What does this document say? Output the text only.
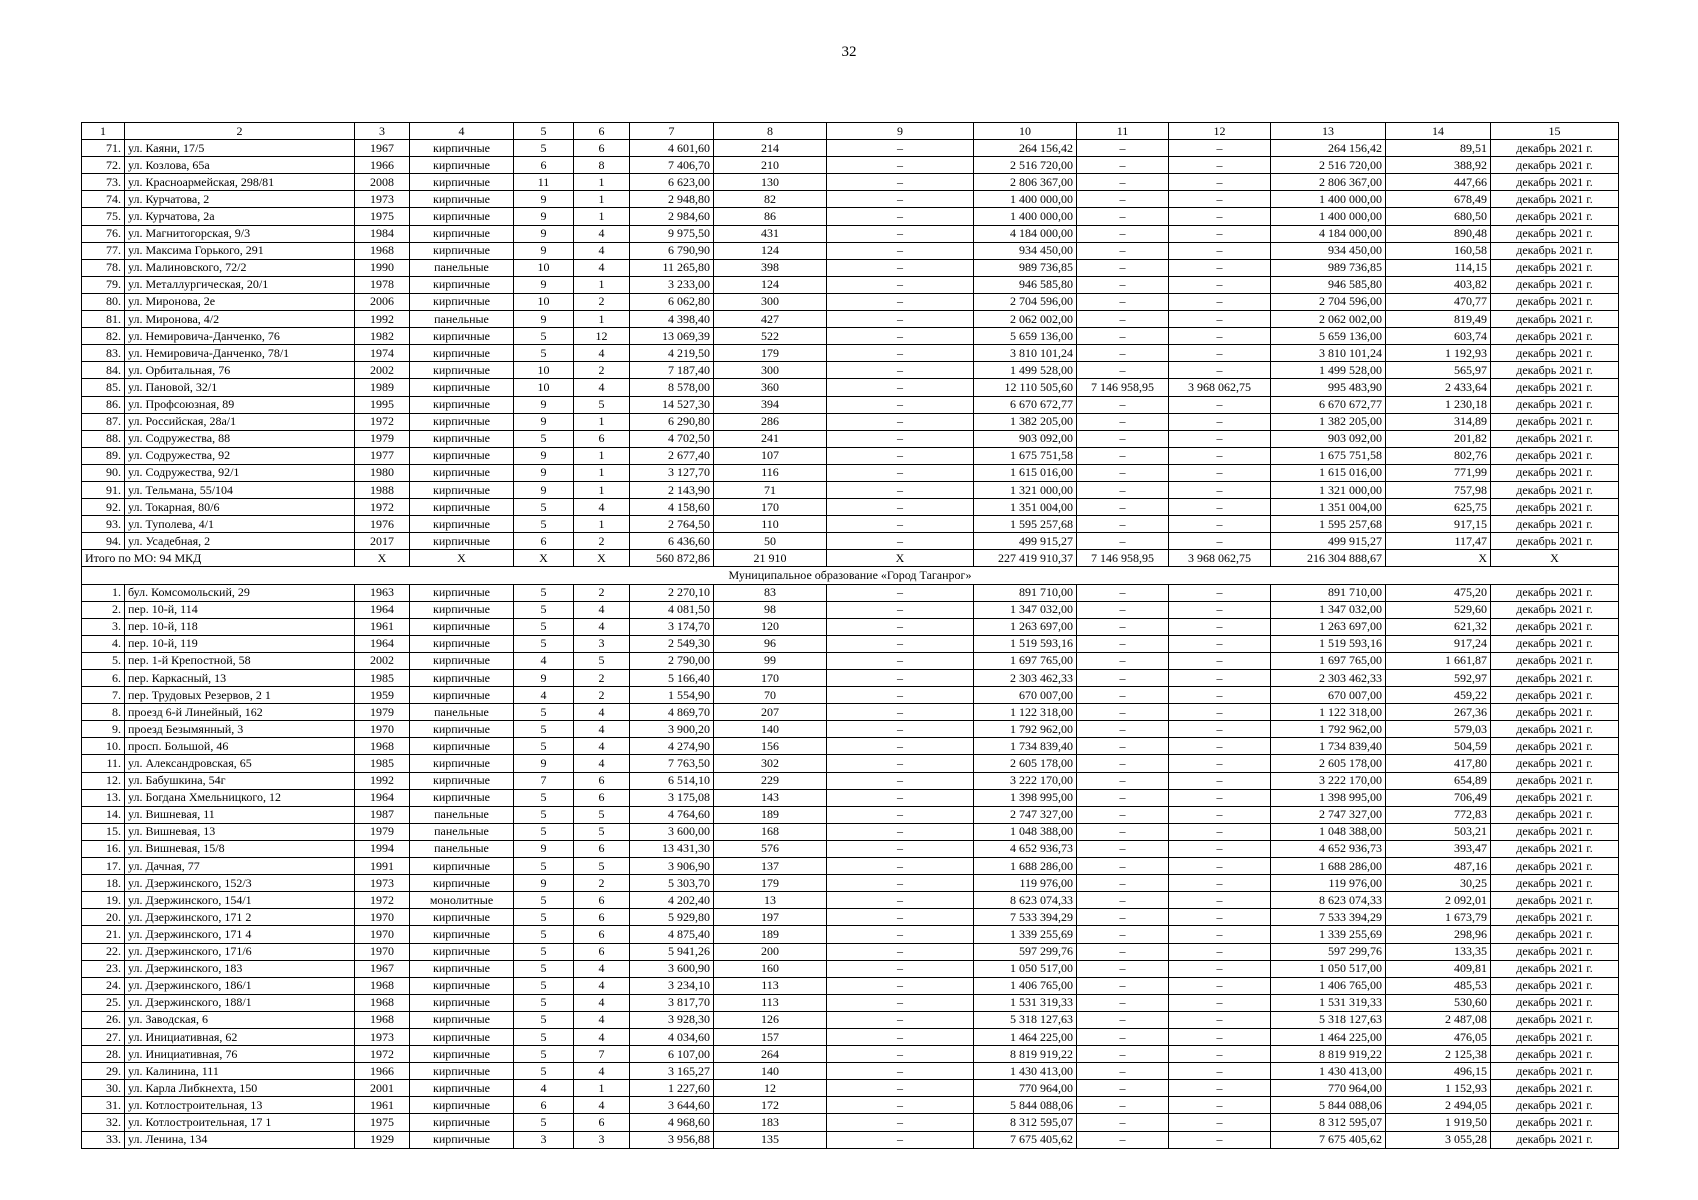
32
1	2	3	4	5	6	7	8	9	10	11	12	13	14	15
71.	ул. Каяни, 17/5	1967	кирпичные	5	6	4 601,60	214	–	264 156,42	–	–	264 156,42	89,51	декабрь 2021 г.
72.	ул. Козлова, 65а	1966	кирпичные	6	8	7 406,70	210	–	2 516 720,00	–	–	2 516 720,00	388,92	декабрь 2021 г.
73.	ул. Красноармейская, 298/81	2008	кирпичные	11	1	6 623,00	130	–	2 806 367,00	–	–	2 806 367,00	447,66	декабрь 2021 г.
74.	ул. Курчатова, 2	1973	кирпичные	9	1	2 948,80	82	–	1 400 000,00	–	–	1 400 000,00	678,49	декабрь 2021 г.
75.	ул. Курчатова, 2а	1975	кирпичные	9	1	2 984,60	86	–	1 400 000,00	–	–	1 400 000,00	680,50	декабрь 2021 г.
76.	ул. Магнитогорская, 9/3	1984	кирпичные	9	4	9 975,50	431	–	4 184 000,00	–	–	4 184 000,00	890,48	декабрь 2021 г.
77.	ул. Максима Горького, 291	1968	кирпичные	9	4	6 790,90	124	–	934 450,00	–	–	934 450,00	160,58	декабрь 2021 г.
78.	ул. Малиновского, 72/2	1990	панельные	10	4	11 265,80	398	–	989 736,85	–	–	989 736,85	114,15	декабрь 2021 г.
79.	ул. Металлургическая, 20/1	1978	кирпичные	9	1	3 233,00	124	–	946 585,80	–	–	946 585,80	403,82	декабрь 2021 г.
80.	ул. Миронова, 2е	2006	кирпичные	10	2	6 062,80	300	–	2 704 596,00	–	–	2 704 596,00	470,77	декабрь 2021 г.
81.	ул. Миронова, 4/2	1992	панельные	9	1	4 398,40	427	–	2 062 002,00	–	–	2 062 002,00	819,49	декабрь 2021 г.
82.	ул. Немировича-Данченко, 76	1982	кирпичные	5	12	13 069,39	522	–	5 659 136,00	–	–	5 659 136,00	603,74	декабрь 2021 г.
83.	ул. Немировича-Данченко, 78/1	1974	кирпичные	5	4	4 219,50	179	–	3 810 101,24	–	–	3 810 101,24	1 192,93	декабрь 2021 г.
84.	ул. Орбитальная, 76	2002	кирпичные	10	2	7 187,40	300	–	1 499 528,00	–	–	1 499 528,00	565,97	декабрь 2021 г.
85.	ул. Пановой, 32/1	1989	кирпичные	10	4	8 578,00	360	–	12 110 505,60	7 146 958,95	3 968 062,75	995 483,90	2 433,64	декабрь 2021 г.
86.	ул. Профсоюзная, 89	1995	кирпичные	9	5	14 527,30	394	–	6 670 672,77	–	–	6 670 672,77	1 230,18	декабрь 2021 г.
87.	ул. Российская, 28а/1	1972	кирпичные	9	1	6 290,80	286	–	1 382 205,00	–	–	1 382 205,00	314,89	декабрь 2021 г.
88.	ул. Содружества, 88	1979	кирпичные	5	6	4 702,50	241	–	903 092,00	–	–	903 092,00	201,82	декабрь 2021 г.
89.	ул. Содружества, 92	1977	кирпичные	9	1	2 677,40	107	–	1 675 751,58	–	–	1 675 751,58	802,76	декабрь 2021 г.
90.	ул. Содружества, 92/1	1980	кирпичные	9	1	3 127,70	116	–	1 615 016,00	–	–	1 615 016,00	771,99	декабрь 2021 г.
91.	ул. Тельмана, 55/104	1988	кирпичные	9	1	2 143,90	71	–	1 321 000,00	–	–	1 321 000,00	757,98	декабрь 2021 г.
92.	ул. Токарная, 80/6	1972	кирпичные	5	4	4 158,60	170	–	1 351 004,00	–	–	1 351 004,00	625,75	декабрь 2021 г.
93.	ул. Туполева, 4/1	1976	кирпичные	5	1	2 764,50	110	–	1 595 257,68	–	–	1 595 257,68	917,15	декабрь 2021 г.
94.	ул. Усадебная, 2	2017	кирпичные	6	2	6 436,60	50	–	499 915,27	–	–	499 915,27	117,47	декабрь 2021 г.
Итого по МО: 94 МКД		Х	Х	Х	Х	560 872,86	21 910	Х	227 419 910,37	7 146 958,95	3 968 062,75	216 304 888,67	Х	Х
Муниципальное образование «Город Таганрог»														
1.	бул. Комсомольский, 29	1963	кирпичные	5	2	2 270,10	83	–	891 710,00	–	–	891 710,00	475,20	декабрь 2021 г.
2.	пер. 10-й, 114	1964	кирпичные	5	4	4 081,50	98	–	1 347 032,00	–	–	1 347 032,00	529,60	декабрь 2021 г.
3.	пер. 10-й, 118	1961	кирпичные	5	4	3 174,70	120	–	1 263 697,00	–	–	1 263 697,00	621,32	декабрь 2021 г.
4.	пер. 10-й, 119	1964	кирпичные	5	3	2 549,30	96	–	1 519 593,16	–	–	1 519 593,16	917,24	декабрь 2021 г.
5.	пер. 1-й Крепостной, 58	2002	кирпичные	4	5	2 790,00	99	–	1 697 765,00	–	–	1 697 765,00	1 661,87	декабрь 2021 г.
6.	пер. Каркасный, 13	1985	кирпичные	9	2	5 166,40	170	–	2 303 462,33	–	–	2 303 462,33	592,97	декабрь 2021 г.
7.	пер. Трудовых Резервов, 2 1	1959	кирпичные	4	2	1 554,90	70	–	670 007,00	–	–	670 007,00	459,22	декабрь 2021 г.
8.	проезд 6-й Линейный, 162	1979	панельные	5	4	4 869,70	207	–	1 122 318,00	–	–	1 122 318,00	267,36	декабрь 2021 г.
9.	проезд Безымянный, 3	1970	кирпичные	5	4	3 900,20	140	–	1 792 962,00	–	–	1 792 962,00	579,03	декабрь 2021 г.
10.	просп. Большой, 46	1968	кирпичные	5	4	4 274,90	156	–	1 734 839,40	–	–	1 734 839,40	504,59	декабрь 2021 г.
11.	ул. Александровская, 65	1985	кирпичные	9	4	7 763,50	302	–	2 605 178,00	–	–	2 605 178,00	417,80	декабрь 2021 г.
12.	ул. Бабушкина, 54г	1992	кирпичные	7	6	6 514,10	229	–	3 222 170,00	–	–	3 222 170,00	654,89	декабрь 2021 г.
13.	ул. Богдана Хмельницкого, 12	1964	кирпичные	5	6	3 175,08	143	–	1 398 995,00	–	–	1 398 995,00	706,49	декабрь 2021 г.
14.	ул. Вишневая, 11	1987	панельные	5	5	4 764,60	189	–	2 747 327,00	–	–	2 747 327,00	772,83	декабрь 2021 г.
15.	ул. Вишневая, 13	1979	панельные	5	5	3 600,00	168	–	1 048 388,00	–	–	1 048 388,00	503,21	декабрь 2021 г.
16.	ул. Вишневая, 15/8	1994	панельные	9	6	13 431,30	576	–	4 652 936,73	–	–	4 652 936,73	393,47	декабрь 2021 г.
17.	ул. Дачная, 77	1991	кирпичные	5	5	3 906,90	137	–	1 688 286,00	–	–	1 688 286,00	487,16	декабрь 2021 г.
18.	ул. Дзержинского, 152/3	1973	кирпичные	9	2	5 303,70	179	–	119 976,00	–	–	119 976,00	30,25	декабрь 2021 г.
19.	ул. Дзержинского, 154/1	1972	монолитные	5	6	4 202,40	13	–	8 623 074,33	–	–	8 623 074,33	2 092,01	декабрь 2021 г.
20.	ул. Дзержинского, 171 2	1970	кирпичные	5	6	5 929,80	197	–	7 533 394,29	–	–	7 533 394,29	1 673,79	декабрь 2021 г.
21.	ул. Дзержинского, 171 4	1970	кирпичные	5	6	4 875,40	189	–	1 339 255,69	–	–	1 339 255,69	298,96	декабрь 2021 г.
22.	ул. Дзержинского, 171/6	1970	кирпичные	5	6	5 941,26	200	–	597 299,76	–	–	597 299,76	133,35	декабрь 2021 г.
23.	ул. Дзержинского, 183	1967	кирпичные	5	4	3 600,90	160	–	1 050 517,00	–	–	1 050 517,00	409,81	декабрь 2021 г.
24.	ул. Дзержинского, 186/1	1968	кирпичные	5	4	3 234,10	113	–	1 406 765,00	–	–	1 406 765,00	485,53	декабрь 2021 г.
25.	ул. Дзержинского, 188/1	1968	кирпичные	5	4	3 817,70	113	–	1 531 319,33	–	–	1 531 319,33	530,60	декабрь 2021 г.
26.	ул. Заводская, 6	1968	кирпичные	5	4	3 928,30	126	–	5 318 127,63	–	–	5 318 127,63	2 487,08	декабрь 2021 г.
27.	ул. Инициативная, 62	1973	кирпичные	5	4	4 034,60	157	–	1 464 225,00	–	–	1 464 225,00	476,05	декабрь 2021 г.
28.	ул. Инициативная, 76	1972	кирпичные	5	7	6 107,00	264	–	8 819 919,22	–	–	8 819 919,22	2 125,38	декабрь 2021 г.
29.	ул. Калинина, 111	1966	кирпичные	5	4	3 165,27	140	–	1 430 413,00	–	–	1 430 413,00	496,15	декабрь 2021 г.
30.	ул. Карла Либкнехта, 150	2001	кирпичные	4	1	1 227,60	12	–	770 964,00	–	–	770 964,00	1 152,93	декабрь 2021 г.
31.	ул. Котлостроительная, 13	1961	кирпичные	6	4	3 644,60	172	–	5 844 088,06	–	–	5 844 088,06	2 494,05	декабрь 2021 г.
32.	ул. Котлостроительная, 17 1	1975	кирпичные	5	6	4 968,60	183	–	8 312 595,07	–	–	8 312 595,07	1 919,50	декабрь 2021 г.
33.	ул. Ленина, 134	1929	кирпичные	3	3	3 956,88	135	–	7 675 405,62	–	–	7 675 405,62	3 055,28	декабрь 2021 г.
